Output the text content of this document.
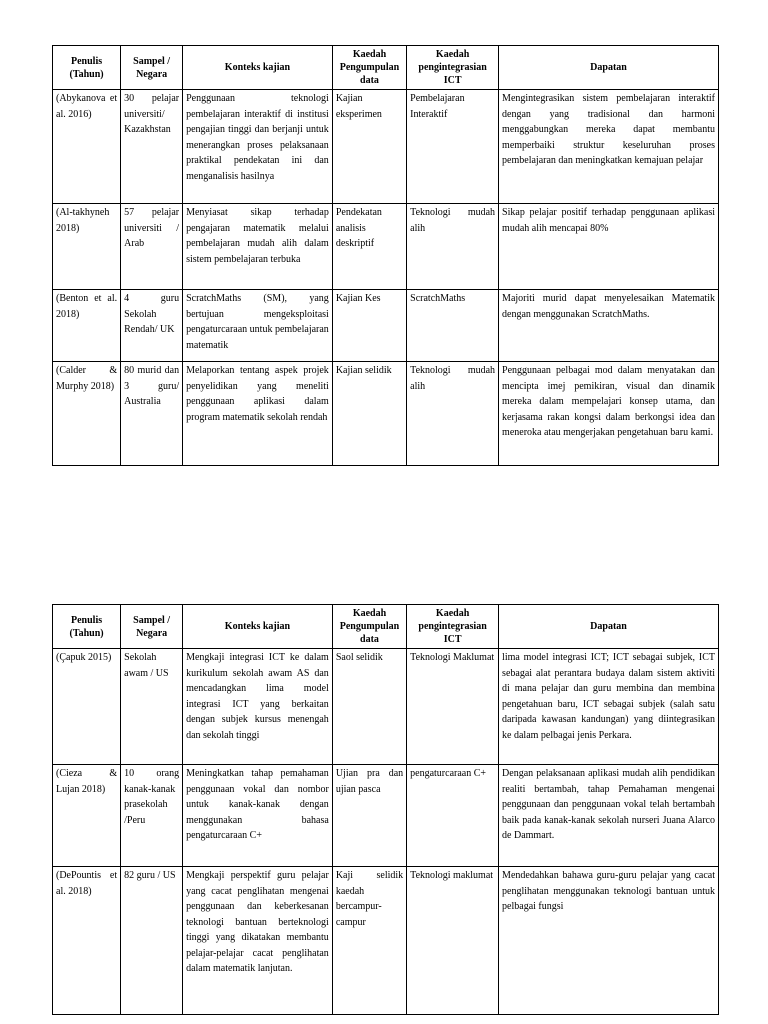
Penulis (Tahun)	Sampel / Negara	Konteks kajian	Kaedah Pengumpulan data	Kaedah pengintegrasian ICT	Dapatan
(Abykanova et al. 2016)	30 pelajar universiti/ Kazakhstan	Penggunaan teknologi pembelajaran interaktif di institusi pengajian tinggi dan berjanji untuk menerangkan proses pelaksanaan praktikal pendekatan ini dan menganalisis hasilnya	Kajian eksperimen	Pembelajaran Interaktif	Mengintegrasikan sistem pembelajaran interaktif dengan yang tradisional dan harmoni menggabungkan mereka dapat membantu memperbaiki struktur keseluruhan proses pembelajaran dan meningkatkan kemajuan pelajar
(Al-takhyneh 2018)	57 pelajar universiti / Arab	Menyiasat sikap terhadap pengajaran matematik melalui pembelajaran mudah alih dalam sistem pembelajaran terbuka	Pendekatan analisis deskriptif	Teknologi mudah alih	Sikap pelajar positif terhadap penggunaan aplikasi mudah alih mencapai 80%
(Benton et al. 2018)	4 guru Sekolah Rendah/ UK	ScratchMaths (SM), yang bertujuan mengeksploitasi pengaturcaraan untuk pembelajaran matematik	Kajian Kes	ScratchMaths	Majoriti murid dapat menyelesaikan Matematik dengan menggunakan ScratchMaths.
(Calder & Murphy 2018)	80 murid dan 3 guru/ Australia	Melaporkan tentang aspek projek penyelidikan yang meneliti penggunaan aplikasi dalam program matematik sekolah rendah	Kajian selidik	Teknologi mudah alih	Penggunaan pelbagai mod dalam menyatakan dan mencipta imej pemikiran, visual dan dinamik mereka dalam mempelajari konsep utama, dan kerjasama rakan kongsi dalam berkongsi idea dan meneroka atau mengerjakan pengetahuan baru kami.
Penulis (Tahun)	Sampel / Negara	Konteks kajian	Kaedah Pengumpulan data	Kaedah pengintegrasian ICT	Dapatan
(Çapuk 2015)	Sekolah awam / US	Mengkaji integrasi ICT ke dalam kurikulum sekolah awam AS dan mencadangkan lima model integrasi ICT yang berkaitan dengan subjek kursus menengah dan sekolah tinggi	Saol selidik	Teknologi Maklumat	lima model integrasi ICT; ICT sebagai subjek, ICT sebagai alat perantara budaya dalam sistem aktiviti di mana pelajar dan guru membina dan membina pengetahuan baru, ICT sebagai subjek (salah satu daripada kawasan kandungan) yang diintegrasikan ke dalam pelbagai jenis Perkara.
(Cieza & Lujan 2018)	10 orang kanak-kanak prasekolah /Peru	Meningkatkan tahap pemahaman penggunaan vokal dan nombor untuk kanak-kanak dengan menggunakan bahasa pengaturcaraan C+	Ujian pra dan ujian pasca	pengaturcaraan C+	Dengan pelaksanaan aplikasi mudah alih pendidikan realiti bertambah, tahap Pemahaman mengenai penggunaan dan penggunaan vokal telah bertambah baik pada kanak-kanak sekolah nurseri Juana Alarco de Dammart.
(DePountis et al. 2018)	82 guru / US	Mengkaji perspektif guru pelajar yang cacat penglihatan mengenai penggunaan dan keberkesanan teknologi bantuan berteknologi tinggi yang dikatakan membantu pelajar-pelajar cacat penglihatan dalam matematik lanjutan.	Kaji selidik kaedah bercampur-campur	Teknologi maklumat	Mendedahkan bahawa guru-guru pelajar yang cacat penglihatan menggunakan teknologi bantuan untuk pelbagai fungsi
